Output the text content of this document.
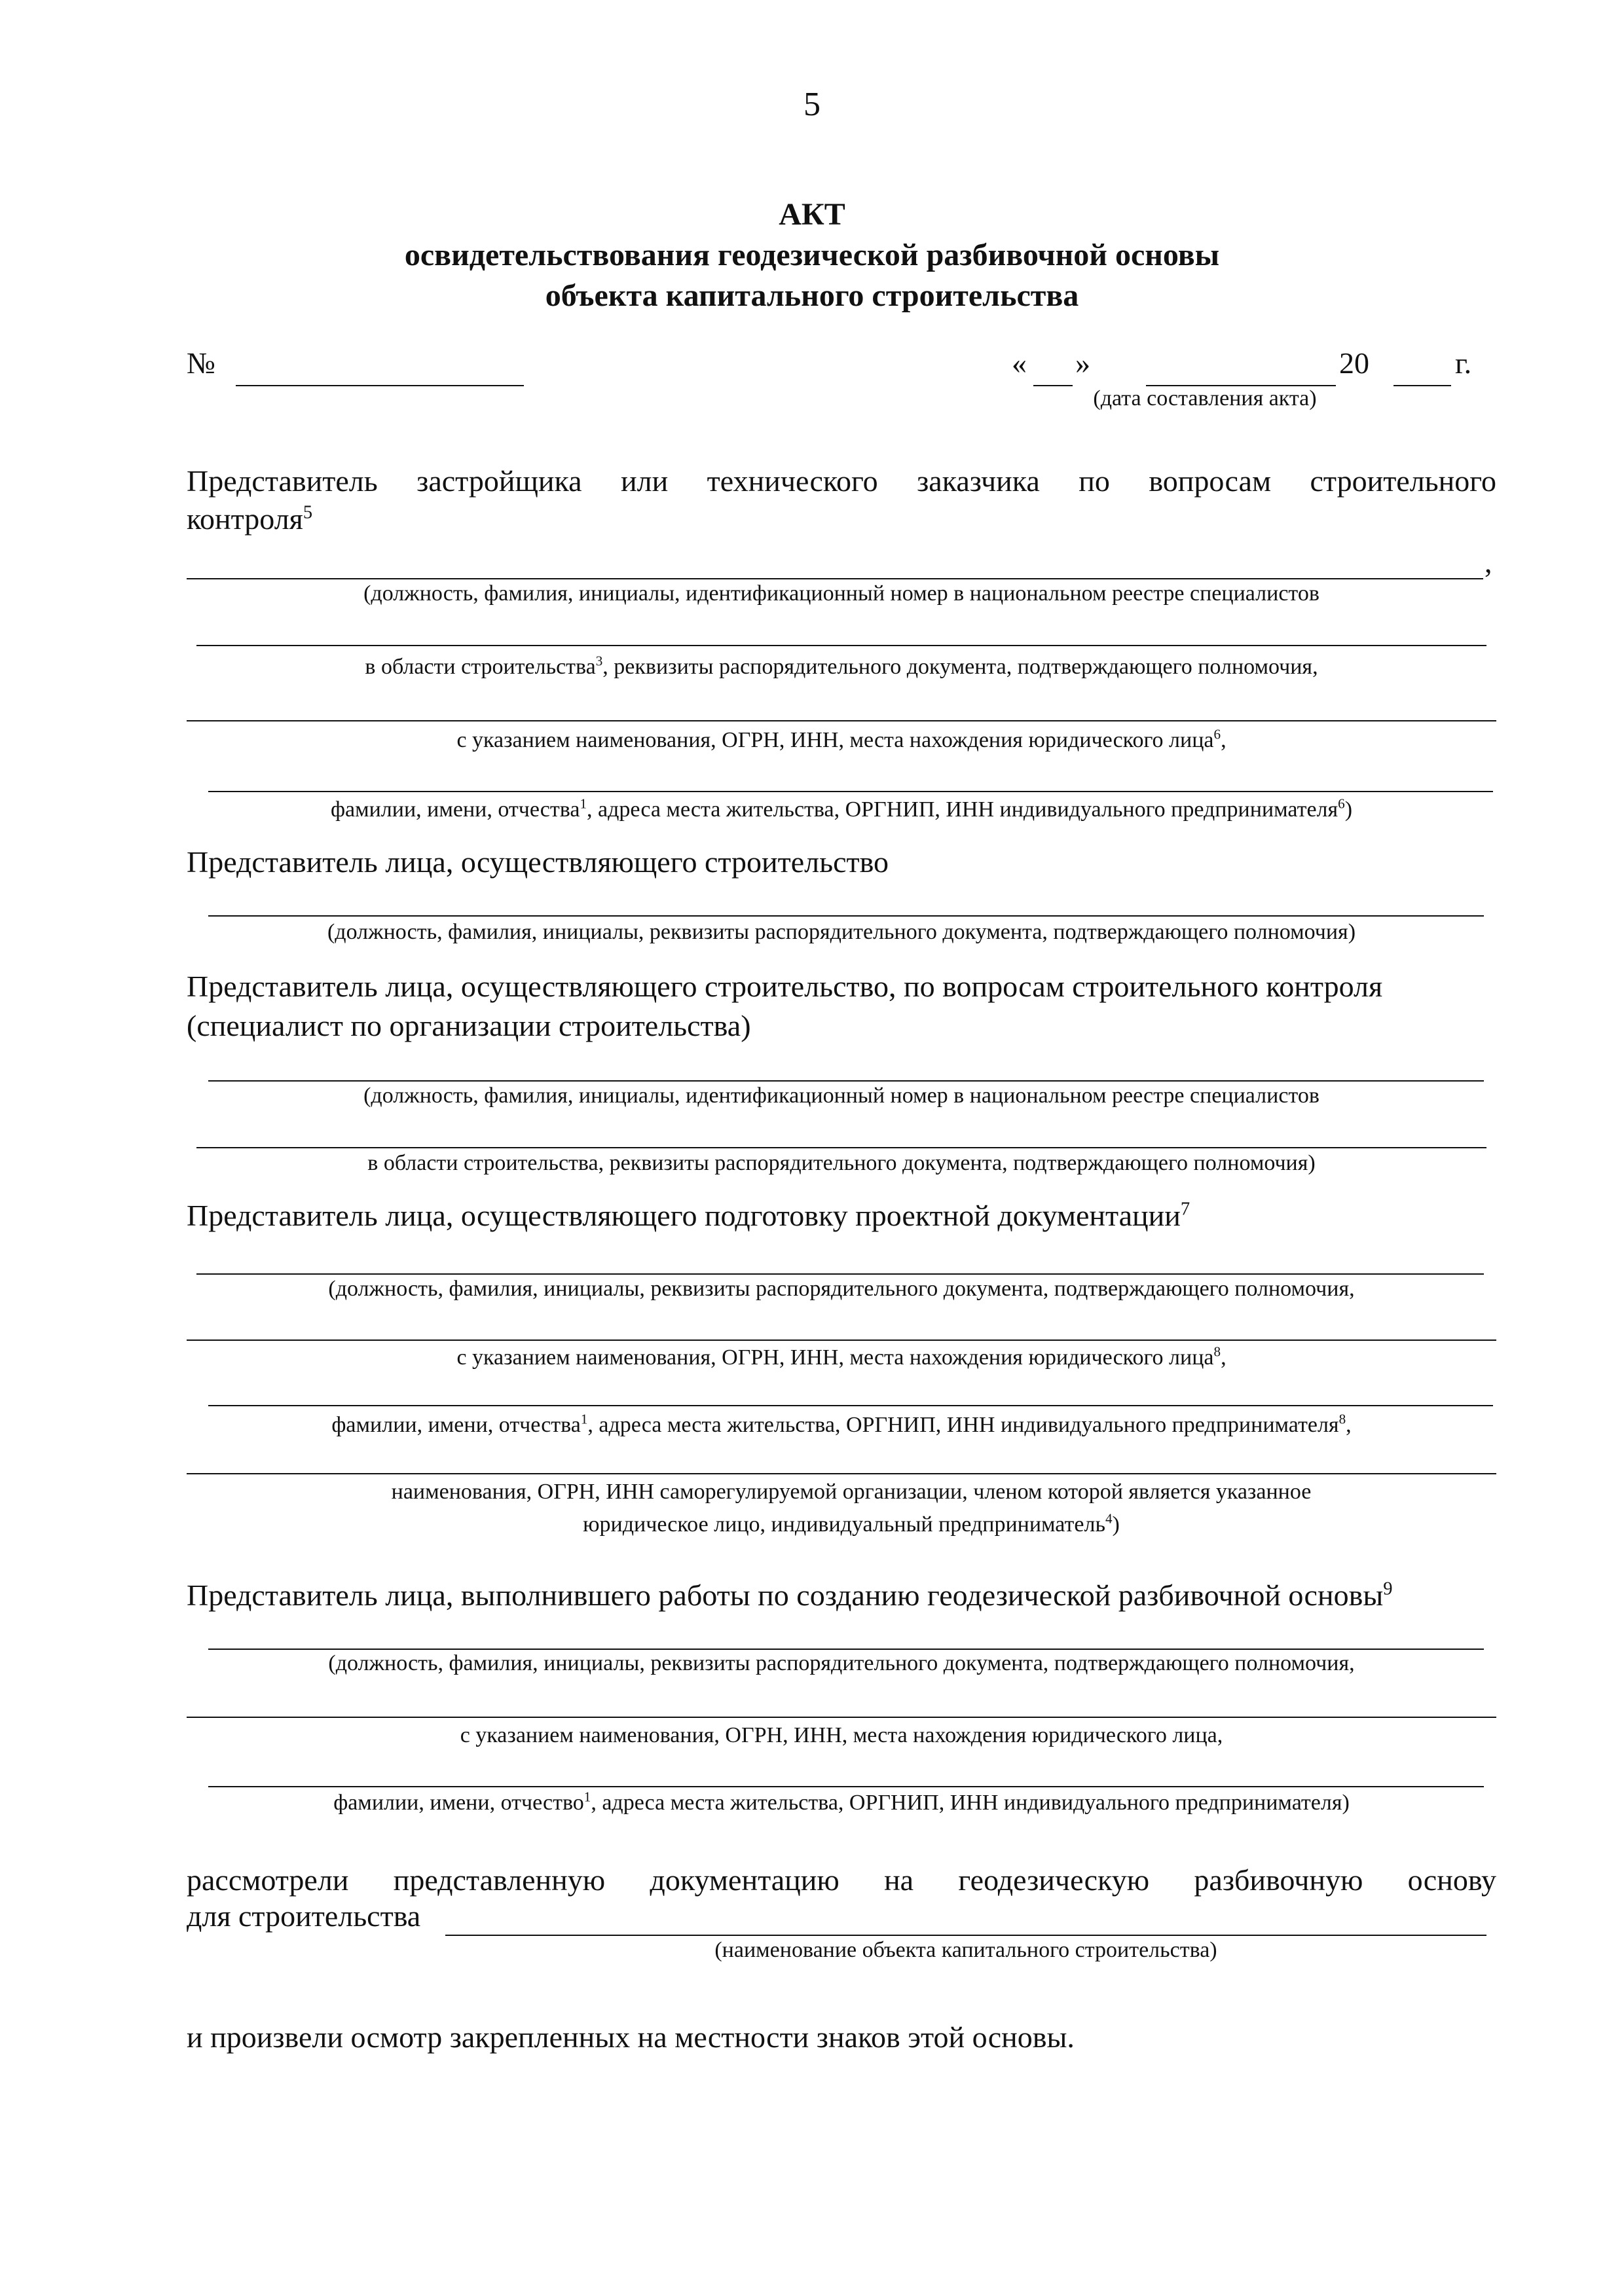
5
АКТ
освидетельствования геодезической разбивочной основы
объекта капитального строительства
№	« »	20	г.
(дата составления акта)
Представитель застройщика или технического заказчика по вопросам строительного
контроля$^5$
,
(должность, фамилия, инициалы, идентификационный номер в национальном реестре специалистов
в области строительства$^3$, реквизиты распорядительного документа, подтверждающего полномочия,
с указанием наименования, ОГРН, ИНН, места нахождения юридического лица$^6$,
фамилии, имени, отчества$^1$, адреса места жительства, ОРГНИП, ИНН индивидуального предпринимателя$^6$)
Представитель лица, осуществляющего строительство
(должность, фамилия, инициалы, реквизиты распорядительного документа, подтверждающего полномочия)
Представитель лица, осуществляющего строительство, по вопросам строительного контроля
(специалист по организации строительства)
(должность, фамилия, инициалы, идентификационный номер в национальном реестре специалистов
в области строительства, реквизиты распорядительного документа, подтверждающего полномочия)
Представитель лица, осуществляющего подготовку проектной документации$^7$
(должность, фамилия, инициалы, реквизиты распорядительного документа, подтверждающего полномочия,
с указанием наименования, ОГРН, ИНН, места нахождения юридического лица$^8$,
фамилии, имени, отчества$^1$, адреса места жительства, ОРГНИП, ИНН индивидуального предпринимателя$^8$,
наименования, ОГРН, ИНН саморегулируемой организации, членом которой является указанное
юридическое лицо, индивидуальный предприниматель$^4$)
Представитель лица, выполнившего работы по созданию геодезической разбивочной основы$^9$
(должность, фамилия, инициалы, реквизиты распорядительного документа, подтверждающего полномочия,
с указанием наименования, ОГРН, ИНН, места нахождения юридического лица,
фамилии, имени, отчество$^1$, адреса места жительства, ОРГНИП, ИНН индивидуального предпринимателя)
рассмотрели представленную документацию на геодезическую разбивочную основу
для строительства
(наименование объекта капитального строительства)
и произвели осмотр закрепленных на местности знаков этой основы.
